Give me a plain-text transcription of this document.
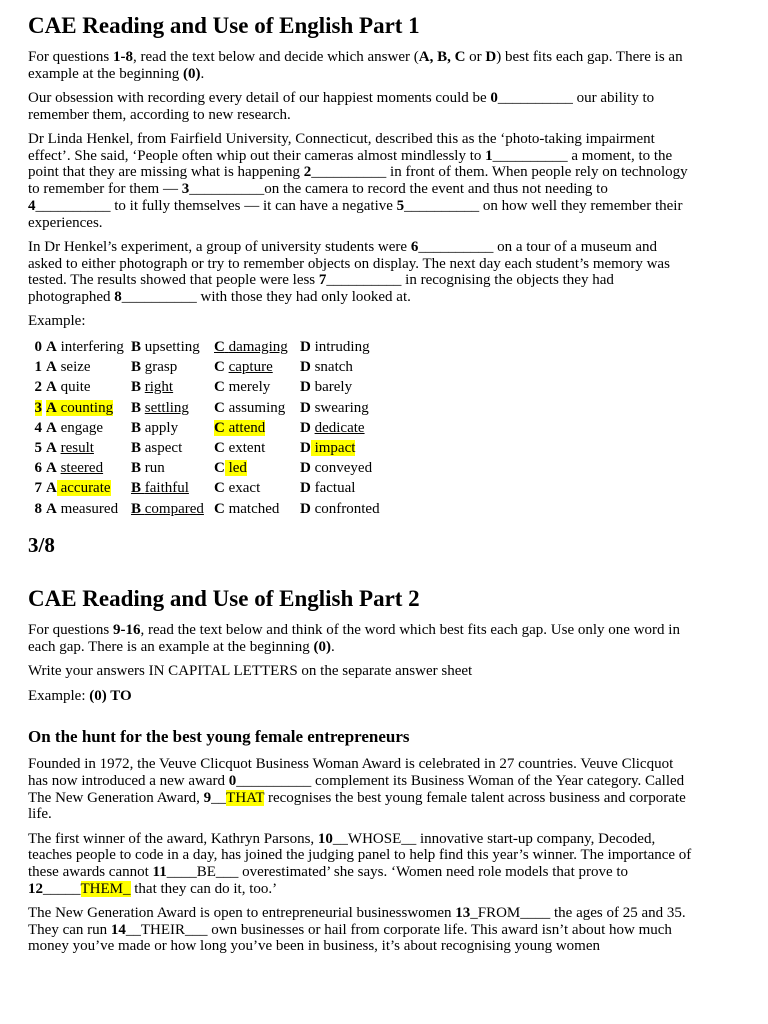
CAE Reading and Use of English Part 1

For questions 1-8, read the text below and decide which answer (A, B, C or D) best fits each gap. There is an example at the beginning (0).

Our obsession with recording every detail of our happiest moments could be 0__________ our ability to remember them, according to new research.

Dr Linda Henkel, from Fairfield University, Connecticut, described this as the ‘photo-taking impairment effect’. She said, ‘People often whip out their cameras almost mindlessly to 1__________ a moment, to the point that they are missing what is happening 2__________ in front of them. When people rely on technology to remember for them — 3__________on the camera to record the event and thus not needing to 4__________ to it fully themselves — it can have a negative 5__________ on how well they remember their experiences.

In Dr Henkel’s experiment, a group of university students were 6__________ on a tour of a museum and asked to either photograph or try to remember objects on display. The next day each student’s memory was tested. The results showed that people were less 7__________ in recognising the objects they had photographed 8__________ with those they had only looked at.

Example:

0	A interfering	B upsetting	C damaging	D intruding
1	A seize	B grasp	C capture	D snatch
2	A quite	B right	C merely	D barely
3	A counting	B settling	C assuming	D swearing
4	A engage	B apply	C attend	D dedicate
5	A result	B aspect	C extent	D impact
6	A steered	B run	C led	D conveyed
7	A accurate	B faithful	C exact	D factual
8	A measured	B compared	C matched	D confronted
3/8
CAE Reading and Use of English Part 2

For questions 9-16, read the text below and think of the word which best fits each gap. Use only one word in each gap. There is an example at the beginning (0).

Write your answers IN CAPITAL LETTERS on the separate answer sheet

Example: (0) TO

On the hunt for the best young female entrepreneurs

Founded in 1972, the Veuve Clicquot Business Woman Award is celebrated in 27 countries. Veuve Clicquot has now introduced a new award 0__________ complement its Business Woman of the Year category. Called The New Generation Award, 9__THAT recognises the best young female talent across business and corporate life.

The first winner of the award, Kathryn Parsons, 10__WHOSE__ innovative start-up company, Decoded, teaches people to code in a day, has joined the judging panel to help find this year’s winner. The importance of these awards cannot 11____BE___ overestimated’ she says. ‘Women need role models that prove to 12_____THEM_ that they can do it, too.’

The New Generation Award is open to entrepreneurial businesswomen 13_FROM____ the ages of 25 and 35. They can run 14__THEIR___ own businesses or hail from corporate life. This award isn’t about how much money you’ve made or how long you’ve been in business, it’s about recognising young women
